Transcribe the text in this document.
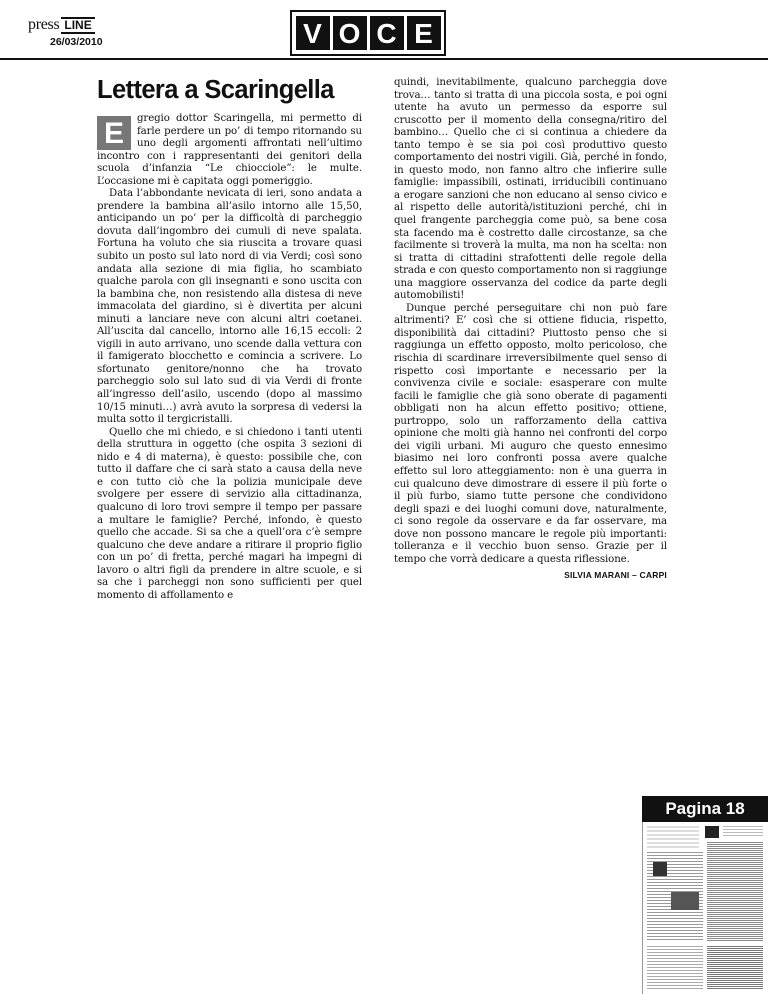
press LINE
26/03/2010	V O C E
Lettera a Scaringella

E	gregio dottor Scaringella, mi permetto di farle perdere un po’ di tempo ritornando su uno degli argomenti affrontati nell’ultimo incontro con i rappresentanti dei genitori della scuola d’infanzia “Le chiocciole”: le multe. L’occasione mi è capitata oggi pomeriggio.

Data l’abbondante nevicata di ieri, sono andata a prendere la bambina all’asilo intorno alle 15,50, anticipando un po’ per la difficoltà di parcheggio dovuta dall’ingombro dei cumuli di neve spalata. Fortuna ha voluto che sia riuscita a trovare quasi subito un posto sul lato nord di via Verdi; così sono andata alla sezione di mia figlia, ho scambiato qualche parola con gli insegnanti e sono uscita con la bambina che, non resistendo alla distesa di neve immacolata del giardino, si è divertita per alcuni minuti a lanciare neve con alcuni altri coetanei. All’uscita dal cancello, intorno alle 16,15 eccoli: 2 vigili in auto arrivano, uno scende dalla vettura con il famigerato blocchetto e comincia a scrivere. Lo sfortunato genitore/nonno che ha trovato parcheggio solo sul lato sud di via Verdi di fronte all’ingresso dell’asilo, uscendo (dopo al massimo 10/15 minuti…) avrà avuto la sorpresa di vedersi la multa sotto il tergicristalli.

Quello che mi chiedo, e si chiedono i tanti utenti della struttura in oggetto (che ospita 3 sezioni di nido e 4 di materna), è questo: possibile che, con tutto il daffare che ci sarà stato a causa della neve e con tutto ciò che la polizia municipale deve svolgere per essere di servizio alla cittadinanza, qualcuno di loro trovi sempre il tempo per passare a multare le famiglie? Perché, infondo, è questo quello che accade. Si sa che a quell’ora c’è sempre qualcuno che deve andare a ritirare il proprio figlio con un po’ di fretta, perché magari ha impegni di lavoro o altri figli da prendere in altre scuole, e si sa che i parcheggi non sono sufficienti per quel momento di affollamento e

quindi, inevitabilmente, qualcuno parcheggia dove trova… tanto si tratta di una piccola sosta, e poi ogni utente ha avuto un permesso da esporre sul cruscotto per il momento della consegna/ritiro del bambino… Quello che ci si continua a chiedere da tanto tempo è se sia poi così produttivo questo comportamento dei nostri vigili. Già, perché in fondo, in questo modo, non fanno altro che infierire sulle famiglie: impassibili, ostinati, irriducibili continuano a erogare sanzioni che non educano al senso civico e al rispetto delle autorità/istituzioni perché, chi in quel frangente parcheggia come può, sa bene cosa sta facendo ma è costretto dalle circostanze, sa che facilmente si troverà la multa, ma non ha scelta: non si tratta di cittadini strafottenti delle regole della strada e con questo comportamento non si raggiunge una maggiore osservanza del codice da parte degli automobilisti!

Dunque perché perseguitare chi non può fare altrimenti? E’ così che si ottiene fiducia, rispetto, disponibilità dai cittadini? Piuttosto penso che si raggiunga un effetto opposto, molto pericoloso, che rischia di scardinare irreversibilmente quel senso di rispetto così importante e necessario per la convivenza civile e sociale: esasperare con multe facili le famiglie che già sono oberate di pagamenti obbligati non ha alcun effetto positivo; ottiene, purtroppo, solo un rafforzamento della cattiva opinione che molti già hanno nei confronti del corpo dei vigili urbani. Mi auguro che questo ennesimo biasimo nei loro confronti possa avere qualche effetto sul loro atteggiamento: non è una guerra in cui qualcuno deve dimostrare di essere il più forte o il più furbo, siamo tutte persone che condividono degli spazi e dei luoghi comuni dove, naturalmente, ci sono regole da osservare e da far osservare, ma dove non possono mancare le regole più importanti: tolleranza e il vecchio buon senso. Grazie per il tempo che vorrà dedicare a questa riflessione.

SILVIA MARANI – CARPI
Pagina 18
